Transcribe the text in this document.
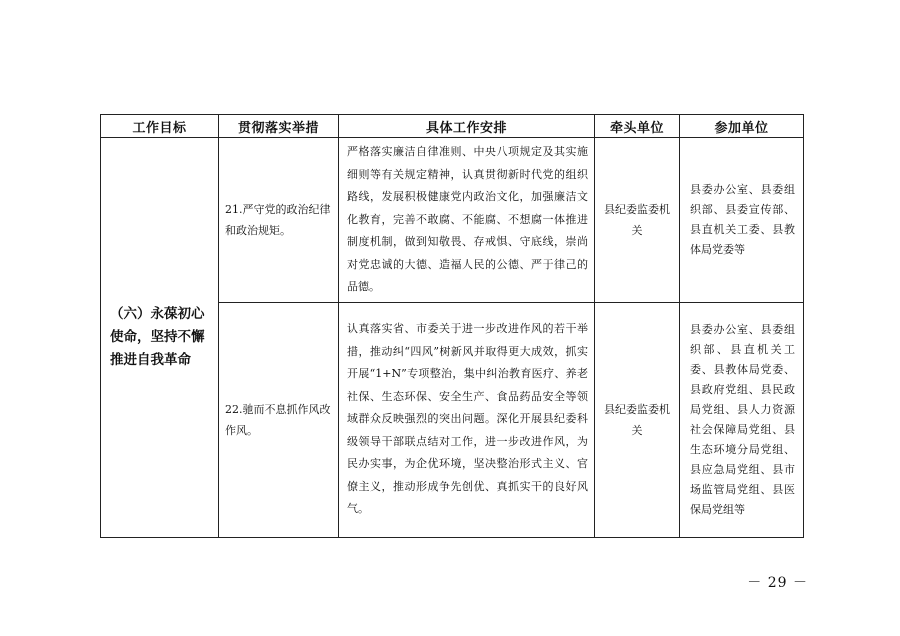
工作目标	贯彻落实举措	具体工作安排	牵头单位	参加单位
（六）永葆初心使命，坚持不懈推进自我革命	21.严守党的政治纪律和政治规矩。	严格落实廉洁自律准则、中央八项规定及其实施细则等有关规定精神，认真贯彻新时代党的组织路线，发展积极健康党内政治文化，加强廉洁文化教育，完善不敢腐、不能腐、不想腐一体推进制度机制，做到知敬畏、存戒惧、守底线，崇尚对党忠诚的大德、造福人民的公德、严于律己的品德。	县纪委监委机关	县委办公室、县委组织部、县委宣传部、县直机关工委、县教体局党委等
	22.驰而不息抓作风改作风。	认真落实省、市委关于进一步改进作风的若干举措，推动纠“四风”树新风并取得更大成效，抓实开展“1+N”专项整治，集中纠治教育医疗、养老社保、生态环保、安全生产、食品药品安全等领域群众反映强烈的突出问题。深化开展县纪委科级领导干部联点结对工作，进一步改进作风，为民办实事，为企优环境，坚决整治形式主义、官僚主义，推动形成争先创优、真抓实干的良好风气。	县纪委监委机关	县委办公室、县委组织部、县直机关工委、县教体局党委、县政府党组、县民政局党组、县人力资源社会保障局党组、县生态环境分局党组、县应急局党组、县市场监管局党组、县医保局党组等
－ 29 －
